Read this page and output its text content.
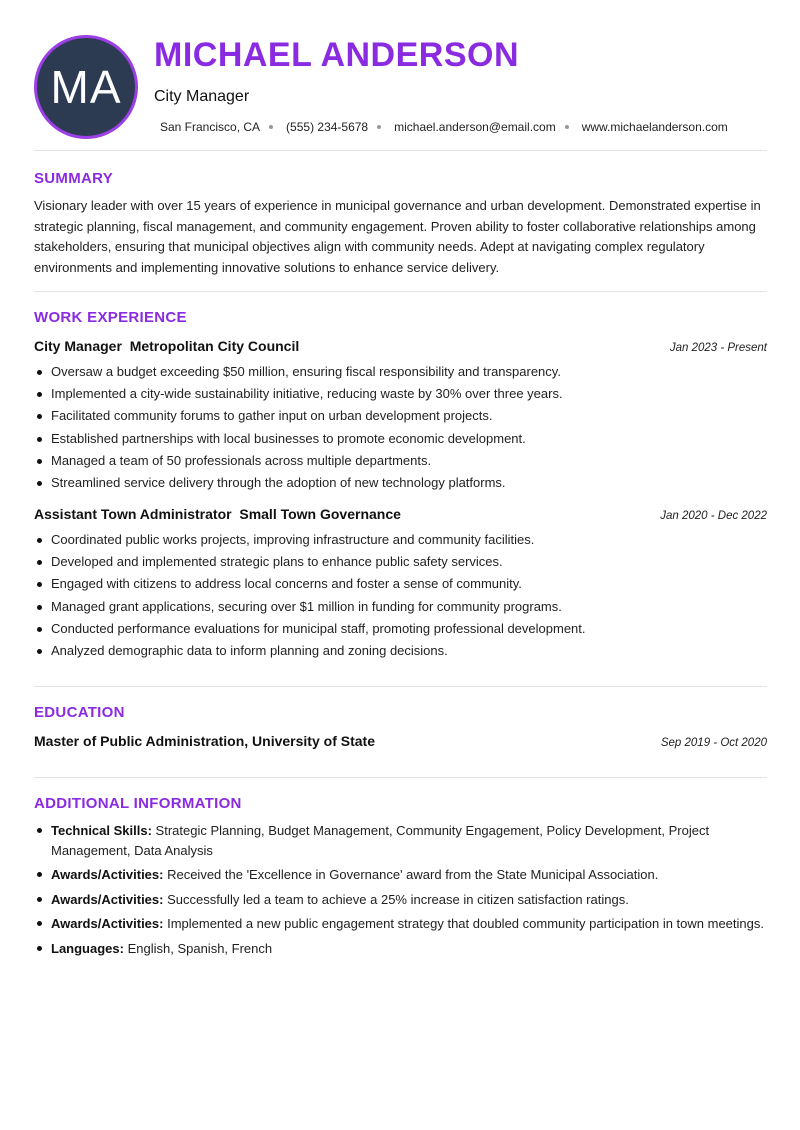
MA
MICHAEL ANDERSON
City Manager
San Francisco, CA (555) 234-5678 michael.anderson@email.com www.michaelanderson.com
SUMMARY
Visionary leader with over 15 years of experience in municipal governance and urban development. Demonstrated expertise in strategic planning, fiscal management, and community engagement. Proven ability to foster collaborative relationships among stakeholders, ensuring that municipal objectives align with community needs. Adept at navigating complex regulatory environments and implementing innovative solutions to enhance service delivery.
WORK EXPERIENCE
City Manager  Metropolitan City Council	Jan 2023 - Present
Oversaw a budget exceeding $50 million, ensuring fiscal responsibility and transparency.
Implemented a city-wide sustainability initiative, reducing waste by 30% over three years.
Facilitated community forums to gather input on urban development projects.
Established partnerships with local businesses to promote economic development.
Managed a team of 50 professionals across multiple departments.
Streamlined service delivery through the adoption of new technology platforms.
Assistant Town Administrator  Small Town Governance	Jan 2020 - Dec 2022
Coordinated public works projects, improving infrastructure and community facilities.
Developed and implemented strategic plans to enhance public safety services.
Engaged with citizens to address local concerns and foster a sense of community.
Managed grant applications, securing over $1 million in funding for community programs.
Conducted performance evaluations for municipal staff, promoting professional development.
Analyzed demographic data to inform planning and zoning decisions.
EDUCATION
Master of Public Administration, University of State	Sep 2019 - Oct 2020
ADDITIONAL INFORMATION
Technical Skills: Strategic Planning, Budget Management, Community Engagement, Policy Development, Project Management, Data Analysis
Awards/Activities: Received the 'Excellence in Governance' award from the State Municipal Association.
Awards/Activities: Successfully led a team to achieve a 25% increase in citizen satisfaction ratings.
Awards/Activities: Implemented a new public engagement strategy that doubled community participation in town meetings.
Languages: English, Spanish, French
